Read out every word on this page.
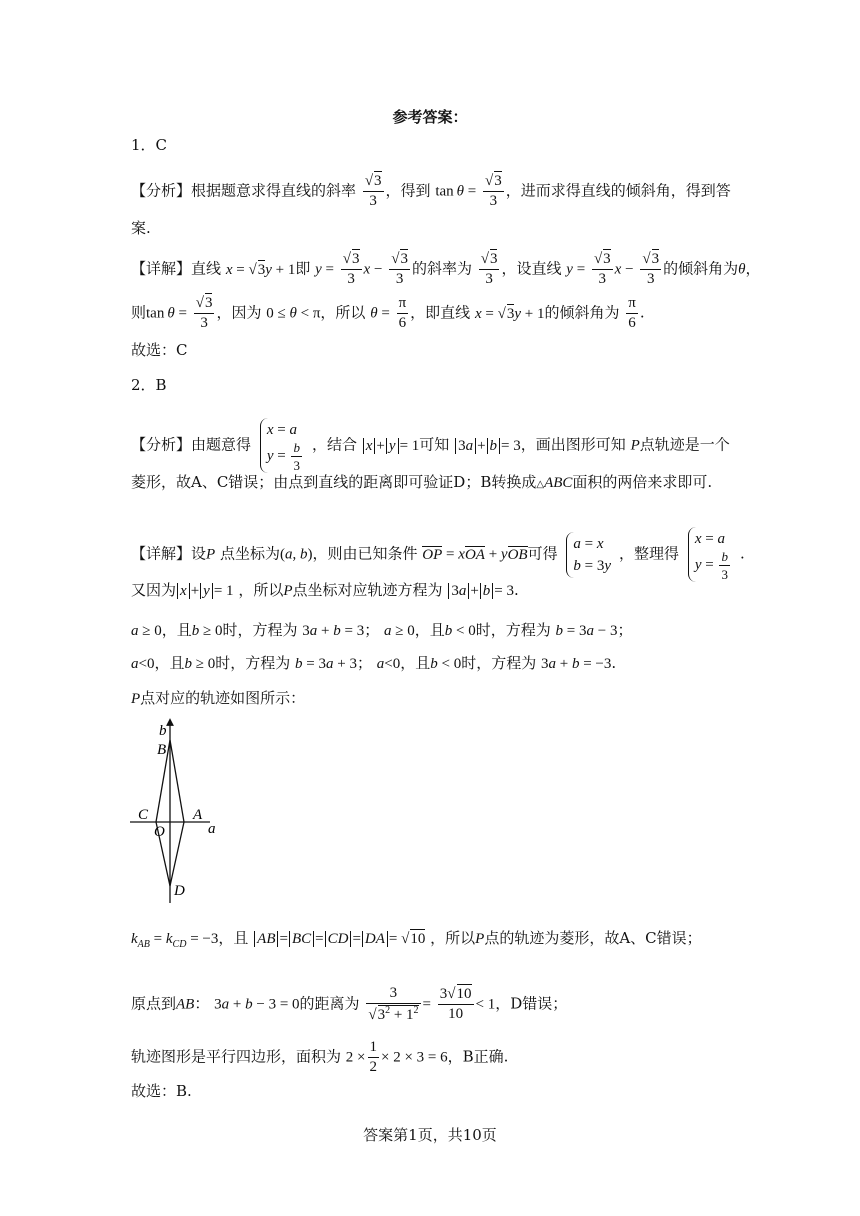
参考答案：
1．C
【分析】根据题意求得直线的斜率 $\frac{√3}{3}$ ，得到 $\tan \theta = \frac{√3}{3}$ ，进而求得直线的倾斜角，得到答
案.
【详解】直线 x = √3y + 1即 $y = \frac{√3}{3}$ $x - \frac{√3}{3}$ 的斜率为 $\frac{√3}{3}$ ，设直线 $y = \frac{√3}{3}$ $x - \frac{√3}{3}$ 的倾斜角为θ，
则$\tan \theta = \frac{√3}{3}$ ，因为 0 ≤ θ < π，所以 $\theta = \frac{\pi}{6}$ ，即直线 x = √3y + 1的倾斜角为 $\frac{\pi}{6}$ .
故选：C
2．B
【分析】由题意得
x = a
$y = \frac{b}{3}$ ，结合 x + y = 1可知 3a + b = 3，画出图形可知 P点轨迹是一个
菱形，故A、C错误；由点到直线的距离即可验证D；B转换成△ABC面积的两倍来求即可.
【详解】设P 点坐标为(a, b)，则由已知条件 OP = xOA + yOB可得
a = x
b = 3y
，整理得
x = a
$y = \frac{b}{3}$ .
又因为 x + y = 1 ，所以P点坐标对应轨迹方程为 3a + b = 3.
a ≥ 0，且b ≥ 0时，方程为 3a + b = 3； a ≥ 0，且b < 0时，方程为 b = 3a − 3；
a<0，且b ≥ 0时，方程为 b = 3a + 3； a<0，且b < 0时，方程为 3a + b = −3.
P点对应的轨迹如图所示：
b
B
C	A
O	a
D
$k_{AB} = k_{CD} = -3$，且 AB = BC = CD = DA = √10 ，所以P点的轨迹为菱形，故A、C错误；
原点到AB： 3a + b − 3 = 0的距离为 $\frac{3}{√3^2 + 1^2} = \frac{3√10}{10} < 1$，D错误；
轨迹图形是平行四边形，面积为 $2 \times \frac{1}{2} \times 2 \times 3 = 6$，B正确.
故选：B.
答案第1页，共10页
